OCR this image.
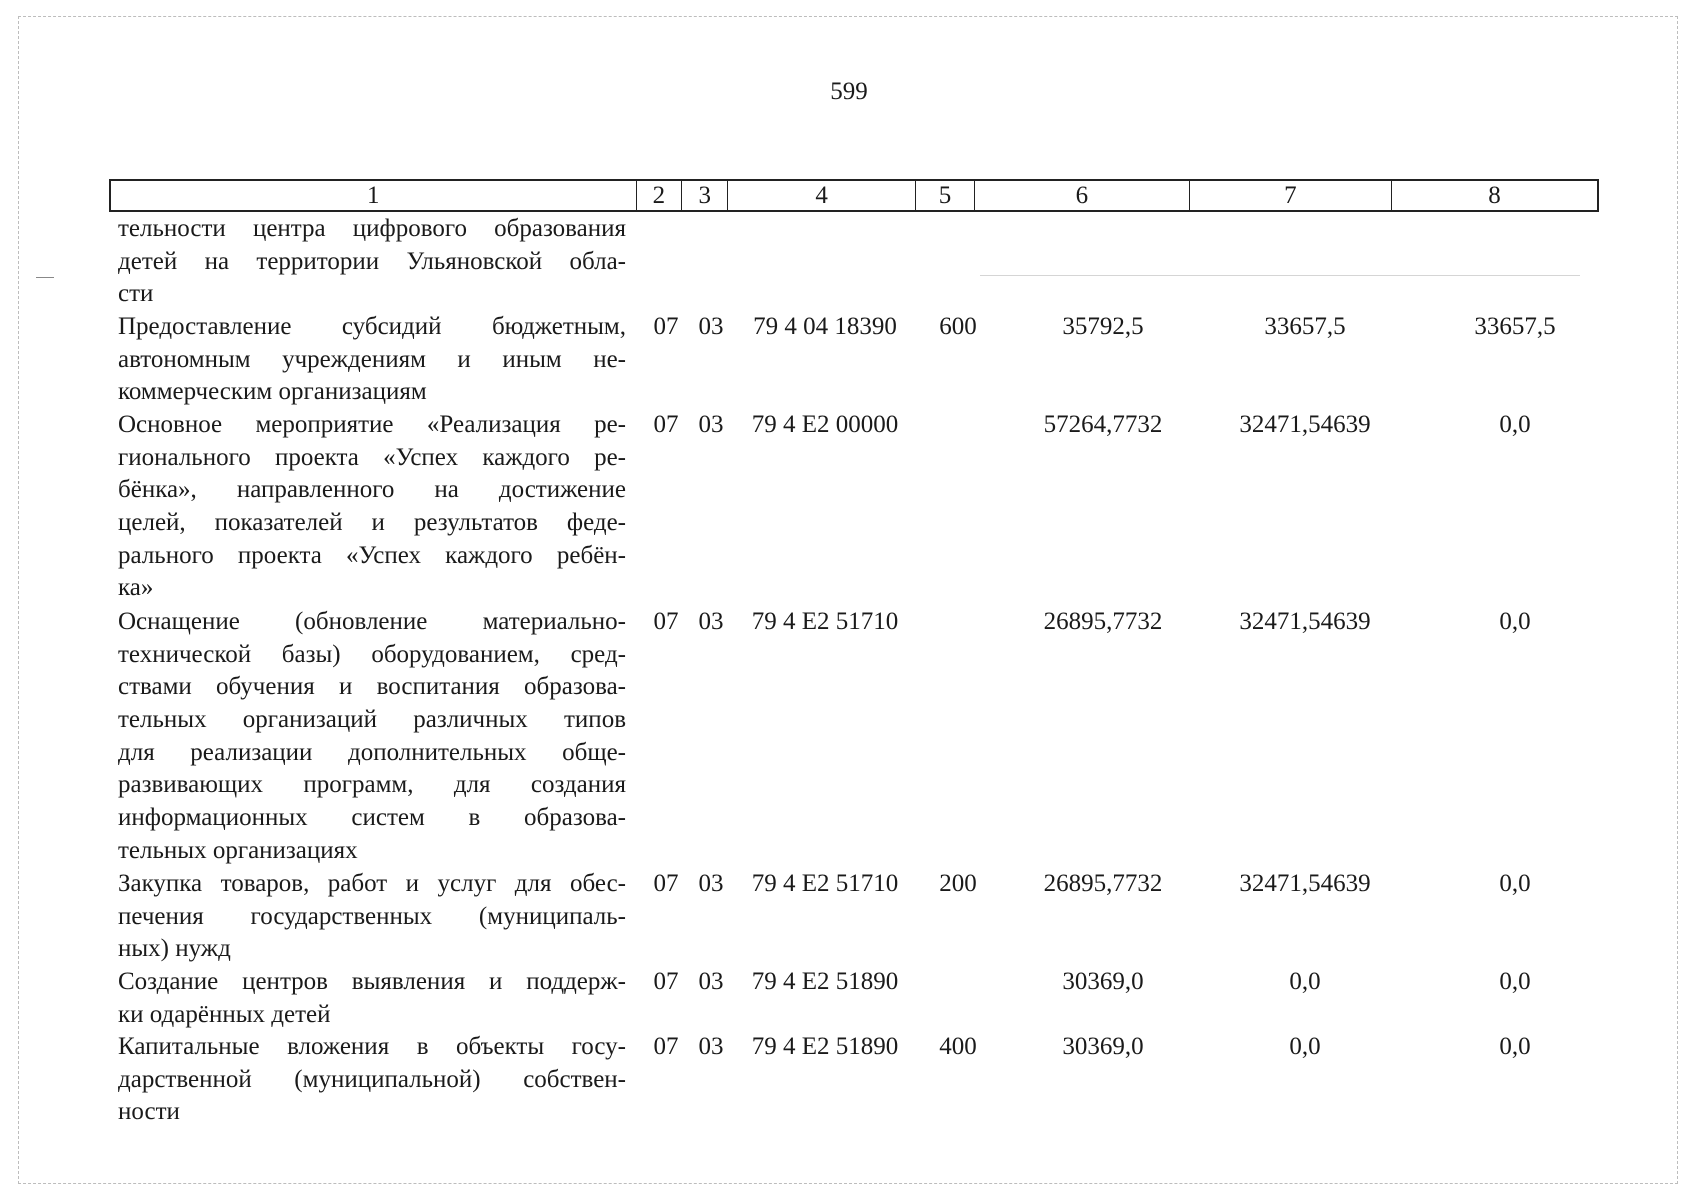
599
1	2	3	4	5	6	7	8
тельности центра цифрового образования
детей на территории Ульяновской обла-
сти
Предоставление субсидий бюджетным,
автономным учреждениям и иным не-
коммерческим организациям
07 03	79 4 04 18390	600	35792,5	33657,5	33657,5
Основное мероприятие «Реализация ре-
гионального проекта «Успех каждого ре-
бёнка», направленного на достижение
целей, показателей и результатов феде-
рального проекта «Успех каждого ребён-
ка»
07 03	79 4 E2 00000	57264,7732	32471,54639	0,0
Оснащение (обновление материально-
технической базы) оборудованием, сред-
ствами обучения и воспитания образова-
тельных организаций различных типов
для реализации дополнительных обще-
развивающих программ, для создания
информационных систем в образова-
тельных организациях
07 03	79 4 E2 51710	26895,7732	32471,54639	0,0
Закупка товаров, работ и услуг для обес-
печения государственных (муниципаль-
ных) нужд
07 03	79 4 E2 51710	200	26895,7732	32471,54639	0,0
Создание центров выявления и поддерж-
ки одарённых детей
07 03	79 4 E2 51890	30369,0	0,0	0,0
Капитальные вложения в объекты госу-
дарственной (муниципальной) собствен-
ности
07 03	79 4 E2 51890	400	30369,0	0,0	0,0
